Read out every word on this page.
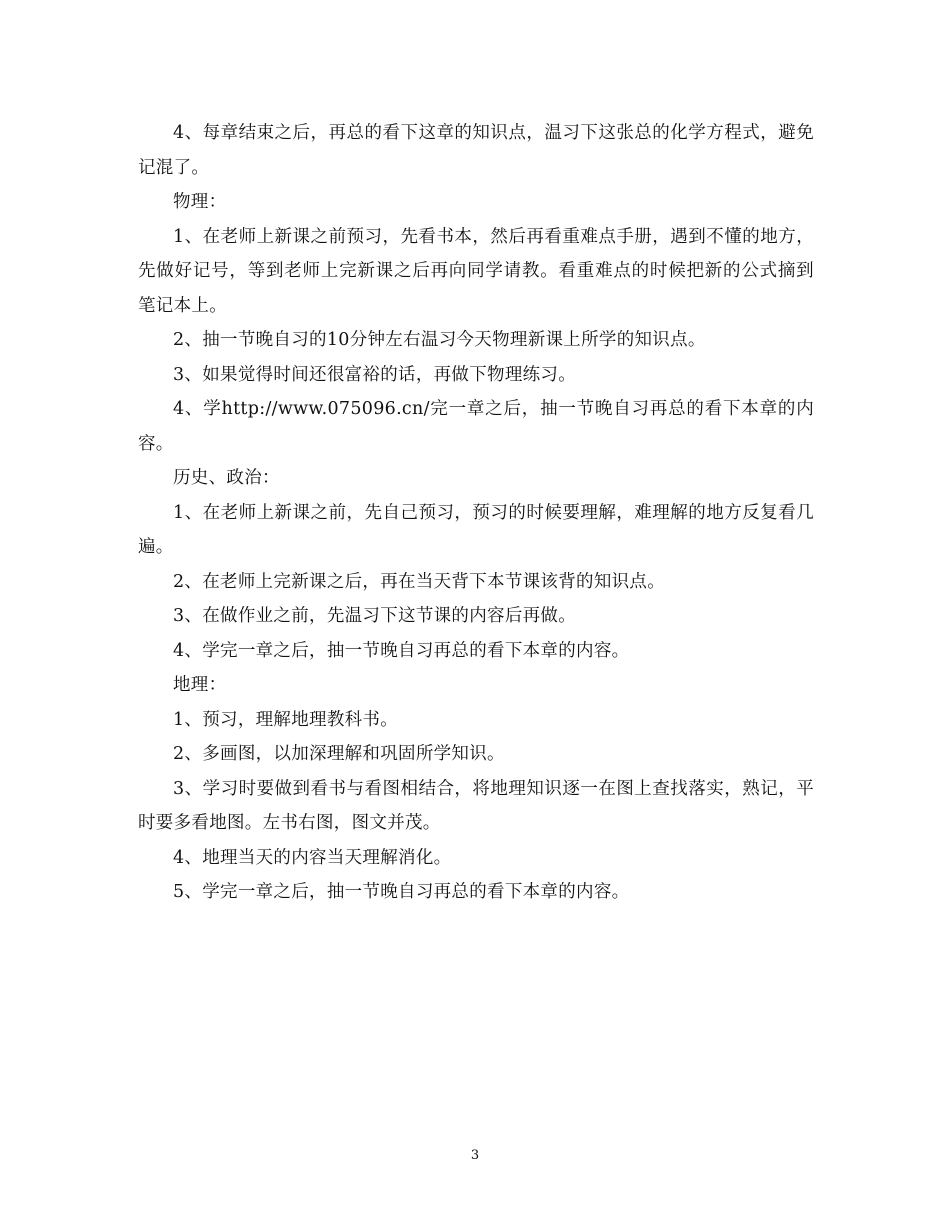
4、每章结束之后，再总的看下这章的知识点，温习下这张总的化学方程式，避免记混了。

物理：

1、在老师上新课之前预习，先看书本，然后再看重难点手册，遇到不懂的地方，先做好记号，等到老师上完新课之后再向同学请教。看重难点的时候把新的公式摘到笔记本上。

2、抽一节晚自习的10分钟左右温习今天物理新课上所学的知识点。

3、如果觉得时间还很富裕的话，再做下物理练习。

4、学http://www.075096.cn/完一章之后，抽一节晚自习再总的看下本章的内容。

历史、政治：

1、在老师上新课之前，先自己预习，预习的时候要理解，难理解的地方反复看几遍。

2、在老师上完新课之后，再在当天背下本节课该背的知识点。

3、在做作业之前，先温习下这节课的内容后再做。

4、学完一章之后，抽一节晚自习再总的看下本章的内容。

地理：

1、预习，理解地理教科书。

2、多画图，以加深理解和巩固所学知识。

3、学习时要做到看书与看图相结合，将地理知识逐一在图上查找落实，熟记，平时要多看地图。左书右图，图文并茂。

4、地理当天的内容当天理解消化。

5、学完一章之后，抽一节晚自习再总的看下本章的内容。

3
